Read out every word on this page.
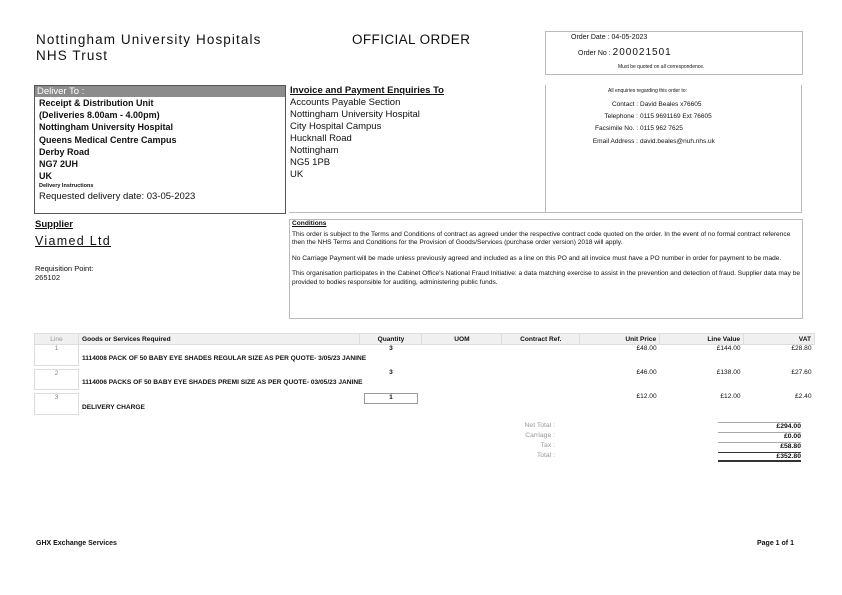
Nottingham University Hospitals
NHS Trust
OFFICIAL ORDER	Order Date : 04-05-2023
Order No : 200021501
Must be quoted on all correspondence.
Deliver To :
Receipt & Distribution Unit
(Deliveries 8.00am - 4.00pm)
Nottingham University Hospital
Queens Medical Centre Campus
Derby Road
NG7 2UH
UK
Delivery Instructions
Requested delivery date: 03-05-2023
Invoice and Payment Enquiries To
Accounts Payable Section
Nottingham University Hospital
City Hospital Campus
Hucknall Road
Nottingham
NG5 1PB
UK
All enquiries regarding this order to:
Contact : David Beales x76605
Telephone : 0115 9691169 Ext 76605
Facsimile No. : 0115 962 7625
Email Address : david.beales@nuh.nhs.uk
Supplier
Viamed Ltd
Requisition Point:
265102
Conditions

This order is subject to the Terms and Conditions of contract as agreed under the respective contract code quoted on the order. In the event of no formal contract reference then the NHS Terms and Conditions for the Provision of Goods/Services (purchase order version) 2018 will apply.

No Carriage Payment will be made unless previously agreed and included as a line on this PO and all invoice must have a PO number in order for payment to be made.

This organisation participates in the Cabinet Office's National Fraud Initiative: a data matching exercise to assist in the prevention and detection of fraud. Supplier data may be provided to bodies responsible for auditing, administering public funds.

Line	Goods or Services Required	Quantity	UOM	Contract Ref.	Unit Price	Line Value	VAT
1		3			£48.00	£144.00	£28.80
	1114008 PACK OF 50 BABY EYE SHADES REGULAR SIZE AS PER QUOTE- 3/05/23 JANINE						

2		3			£46.00	£138.00	£27.60
	1114006 PACKS OF 50 BABY EYE SHADES PREMI SIZE AS PER QUOTE- 03/05/23 JANINE						

3		1			£12.00	£12.00	£2.40
	DELIVERY CHARGE						
Net Total :	£294.00
Carriage :	£0.00
Tax :	£58.80
Total :	£352.80
GHX Exchange Services	Page 1 of 1
